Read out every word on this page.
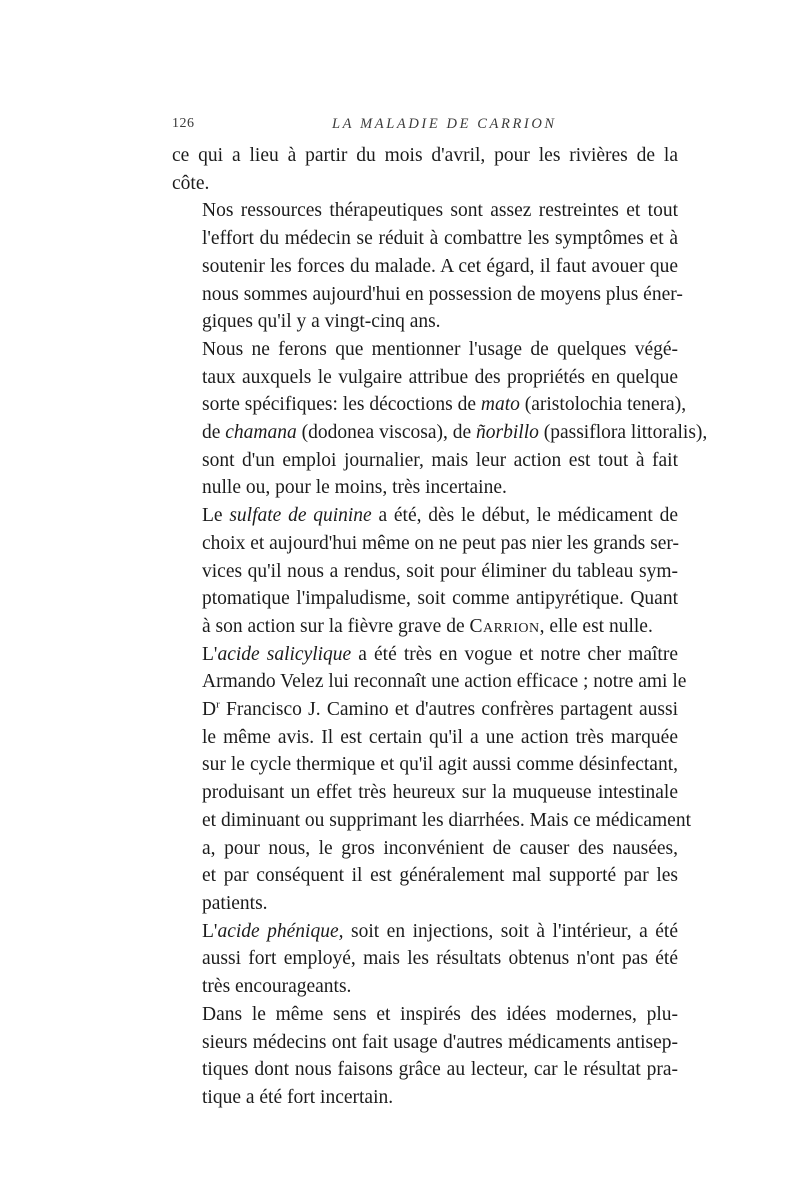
126	LA MALADIE DE CARRION

ce qui a lieu à partir du mois d'avril, pour les rivières de la
côte.

Nos ressources thérapeutiques sont assez restreintes et tout
l'effort du médecin se réduit à combattre les symptômes et à
soutenir les forces du malade. A cet égard, il faut avouer que
nous sommes aujourd'hui en possession de moyens plus éner-
giques qu'il y a vingt-cinq ans.

Nous ne ferons que mentionner l'usage de quelques végé-
taux auxquels le vulgaire attribue des propriétés en quelque
sorte spécifiques: les décoctions de mato (aristolochia tenera),
de chamana (dodonea viscosa), de ñorbillo (passiflora littoralis),
sont d'un emploi journalier, mais leur action est tout à fait
nulle ou, pour le moins, très incertaine.

Le sulfate de quinine a été, dès le début, le médicament de
choix et aujourd'hui même on ne peut pas nier les grands ser-
vices qu'il nous a rendus, soit pour éliminer du tableau sym-
ptomatique l'impaludisme, soit comme antipyrétique. Quant
à son action sur la fièvre grave de Carrion, elle est nulle.

L'acide salicylique a été très en vogue et notre cher maître
Armando Velez lui reconnaît une action efficace ; notre ami le
$D^r$ Francisco J. Camino et d'autres confrères partagent aussi
le même avis. Il est certain qu'il a une action très marquée
sur le cycle thermique et qu'il agit aussi comme désinfectant,
produisant un effet très heureux sur la muqueuse intestinale
et diminuant ou supprimant les diarrhées. Mais ce médicament
a, pour nous, le gros inconvénient de causer des nausées,
et par conséquent il est généralement mal supporté par les
patients.

L'acide phénique, soit en injections, soit à l'intérieur, a été
aussi fort employé, mais les résultats obtenus n'ont pas été
très encourageants.

Dans le même sens et inspirés des idées modernes, plu-
sieurs médecins ont fait usage d'autres médicaments antisep-
tiques dont nous faisons grâce au lecteur, car le résultat pra-
tique a été fort incertain.
